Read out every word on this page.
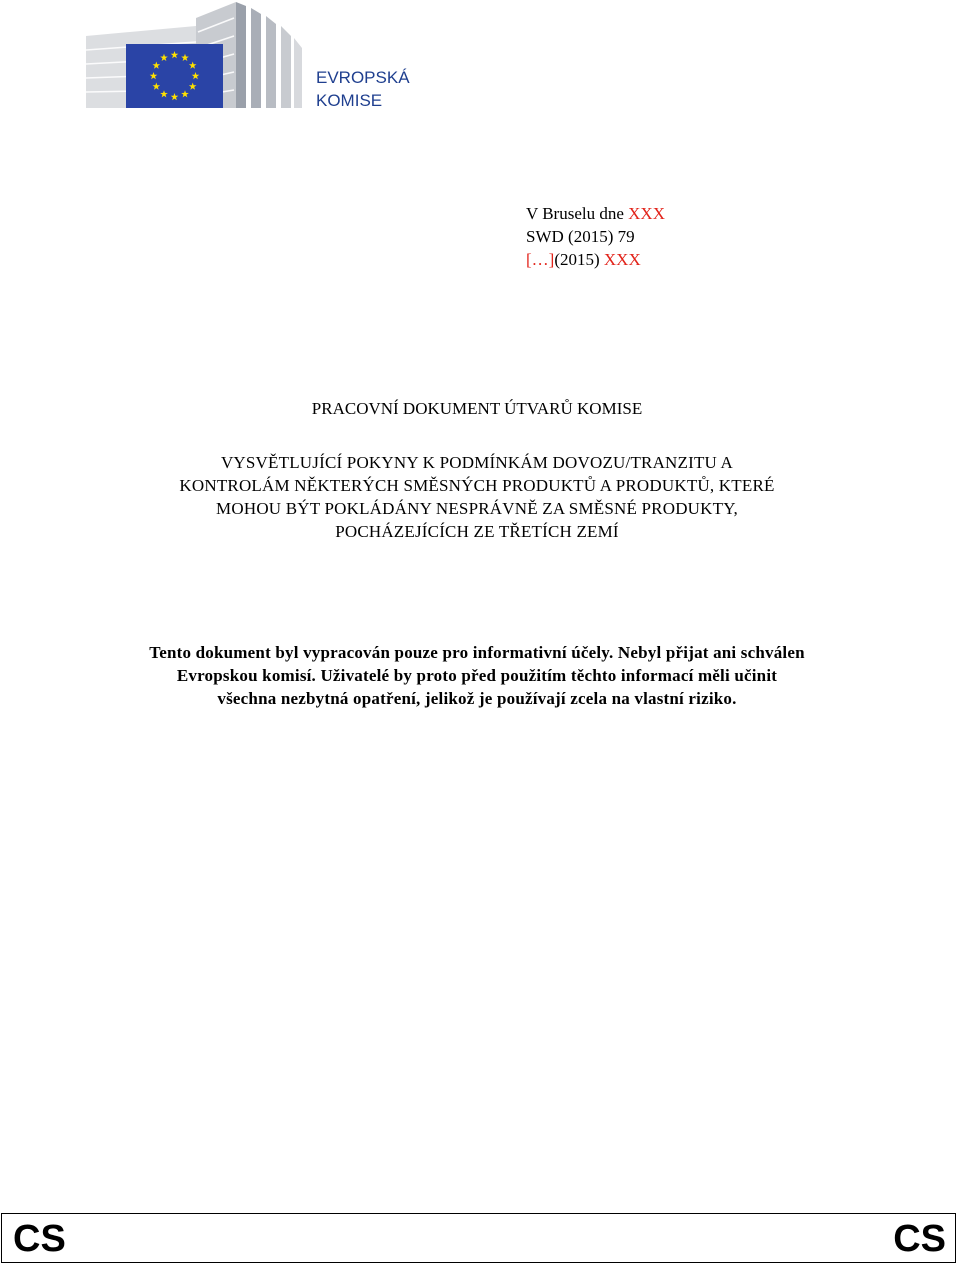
EVROPSKÁ
KOMISE
V Bruselu dne XXX
SWD (2015) 79
[…](2015) XXX
PRACOVNÍ DOKUMENT ÚTVARŮ KOMISE
VYSVĚTLUJÍCÍ POKYNY K PODMÍNKÁM DOVOZU/TRANZITU A
KONTROLÁM NĚKTERÝCH SMĚSNÝCH PRODUKTŮ A PRODUKTŮ, KTERÉ
MOHOU BÝT POKLÁDÁNY NESPRÁVNĚ ZA SMĚSNÉ PRODUKTY,
POCHÁZEJÍCÍCH ZE TŘETÍCH ZEMÍ
Tento dokument byl vypracován pouze pro informativní účely. Nebyl přijat ani schválen
Evropskou komisí. Uživatelé by proto před použitím těchto informací měli učinit
všechna nezbytná opatření, jelikož je používají zcela na vlastní riziko.
CS	CS
